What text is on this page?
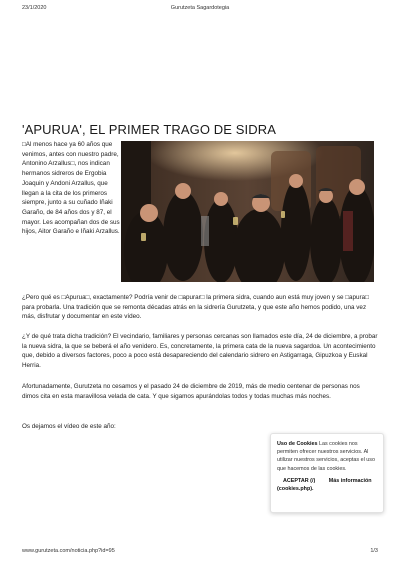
23/1/2020	Gurutzeta Sagardotegia
'APURUA', EL PRIMER TRAGO DE SIDRA

□Al menos hace ya 60 años que venimos, antes con nuestro padre, Antonino Arzallus□, nos indican hermanos sidreros de Ergobia Joaquin y Andoni Arzallus, que llegan a la cita de los primeros siempre, junto a su cuñado Iñaki Garaño, de 84 años dos y 87, el mayor. Les acompañan dos de sus hijos, Aitor Garaño e Iñaki Arzallus.

¿Pero qué es □Apurua□, exactamente? Podría venir de □apurar□ la primera sidra, cuando aun está muy joven y se □apura□ para probarla. Una tradición que se remonta décadas atrás en la sidrería Gurutzeta, y que este año hemos podido, una vez más, disfrutar y documentar en este vídeo.

¿Y de qué trata dicha tradición? El vecindario, familiares y personas cercanas son llamados este día, 24 de diciembre, a probar la nueva sidra, la que se beberá el año venidero. Es, concretamente, la primera cata de la nueva sagardoa. Un acontecimiento que, debido a diversos factores, poco a poco está desapareciendo del calendario sidrero en Astigarraga, Gipuzkoa y Euskal Herria.

Afortunadamente, Gurutzeta no cesamos y el pasado 24 de diciembre de 2019, más de medio centenar de personas nos dimos cita en esta maravillosa velada de cata. Y que sigamos apurándolas todos y todas muchas más noches.

Os dejamos el vídeo de este año:

Uso de Cookies Las cookies nos permiten ofrecer nuestros servicios. Al utilizar nuestros servicios, aceptas el uso que hacemos de las cookies.
ACEPTAR (/)	Más información (cookies.php).
www.gurutzeta.com/noticia.php?id=95	1/3
